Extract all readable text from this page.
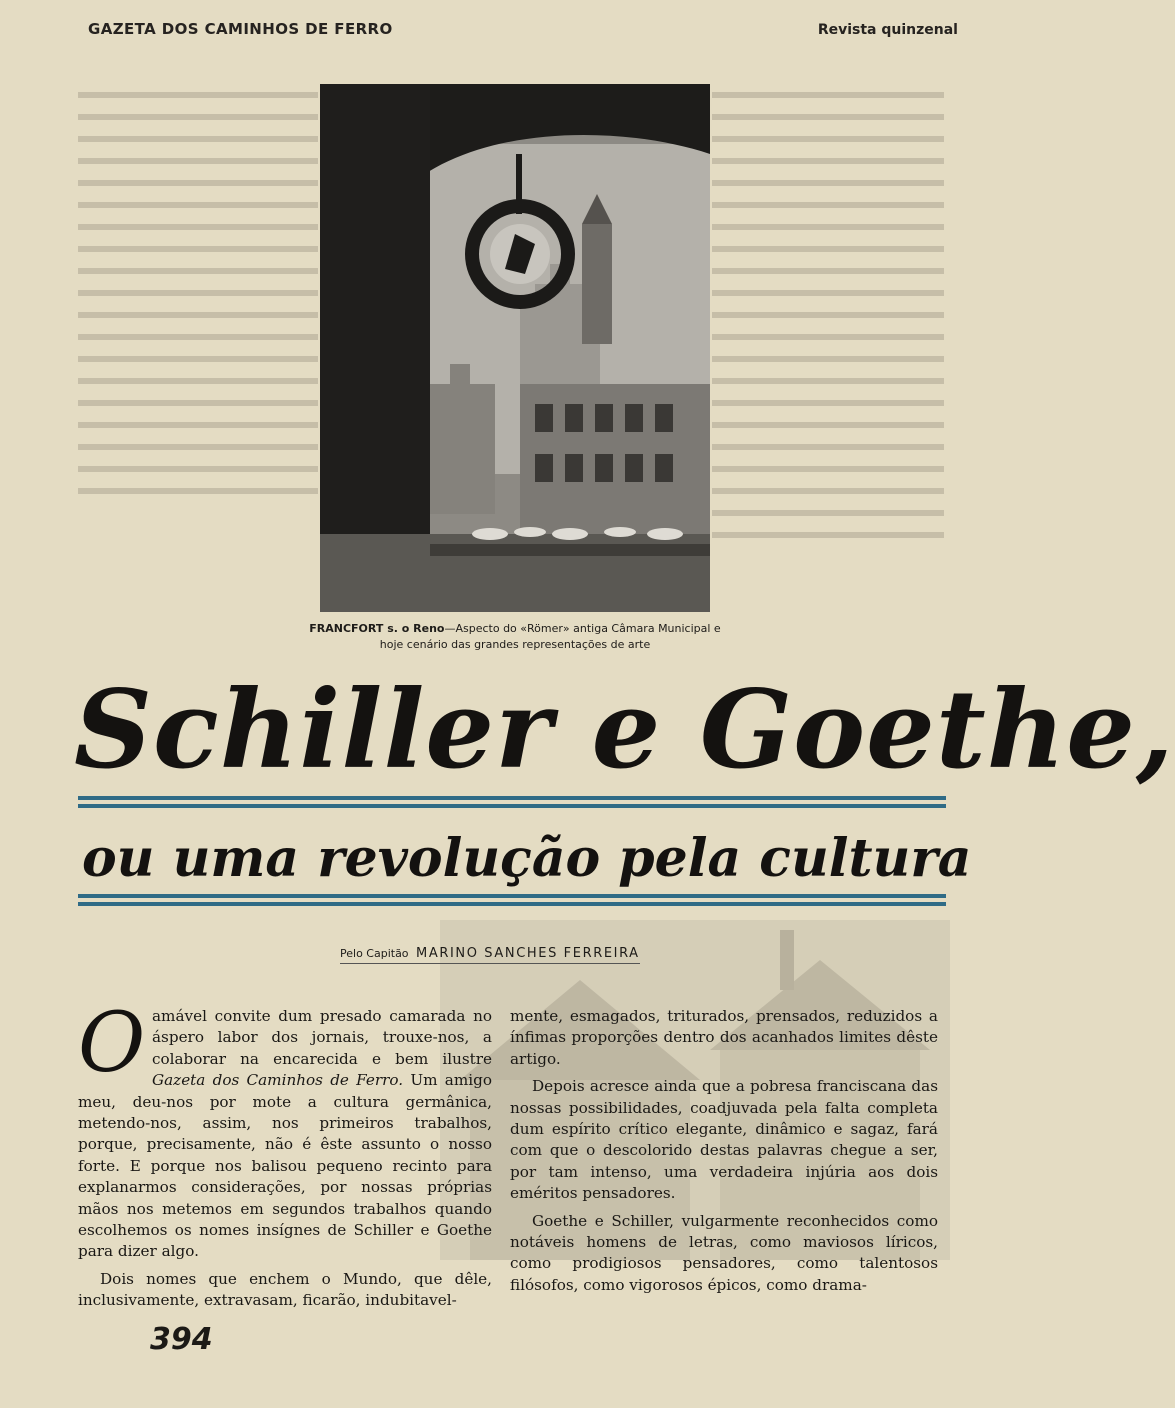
GAZETA DOS CAMINHOS DE FERRO	Revista quinzenal
FRANCFORT s. o Reno—Aspecto do «Römer» antiga Câmara Municipal e hoje cenário das grandes representações de arte
Schiller e Goethe,
ou uma revolução pela cultura
Pelo Capitão MARINO SANCHES FERREIRA
O amável convite dum presado camarada no áspero labor dos jornais, trouxe-nos, a colaborar na encarecida e bem ilustre Gazeta dos Caminhos de Ferro. Um amigo meu, deu-nos por mote a cultura germânica, metendo-nos, assim, nos primeiros trabalhos, porque, precisamente, não é êste assunto o nosso forte. E porque nos balisou pequeno recinto para explanarmos considerações, por nossas próprias mãos nos metemos em segundos trabalhos quando escolhemos os nomes insígnes de Schiller e Goethe para dizer algo.

Dois nomes que enchem o Mundo, que dêle, inclusivamente, extravasam, ficarão, indubitavel-

mente, esmagados, triturados, prensados, reduzidos a ínfimas proporções dentro dos acanhados limites dêste artigo.

Depois acresce ainda que a pobresa franciscana das nossas possibilidades, coadjuvada pela falta completa dum espírito crítico elegante, dinâmico e sagaz, fará com que o descolorido destas palavras chegue a ser, por tam intenso, uma verdadeira injúria aos dois eméritos pensadores.

Goethe e Schiller, vulgarmente reconhecidos como notáveis homens de letras, como maviosos líricos, como prodigiosos pensadores, como talentosos filósofos, como vigorosos épicos, como drama-

394
